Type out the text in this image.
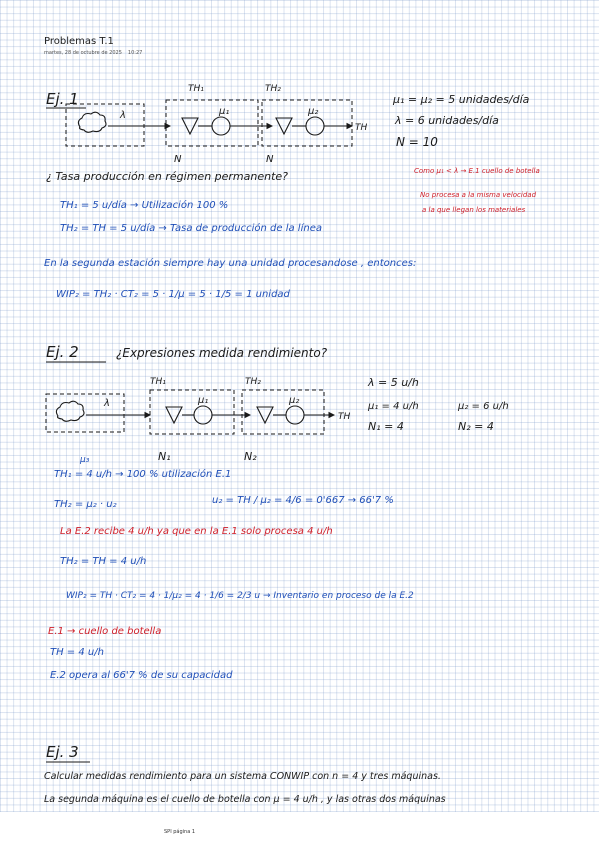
Problemas T.1
martes, 28 de octubre de 2025 10:27
Ej. 1
λ
TH₁
μ₁
TH₂
μ₂
TH
N	N
μ₁ = μ₂ = 5 unidades/día
λ = 6 unidades/día
N = 10
¿ Tasa producción en régimen permanente?	Como μ₁ < λ → E.1 cuello de botella
No procesa a la misma velocidad
a la que llegan los materiales
TH₁ = 5 u/día → Utilización 100 %
TH₂ = TH = 5 u/día → Tasa de producción de la línea
En la segunda estación siempre hay una unidad procesandose , entonces:
WIP₂ = TH₂ · CT₂ = 5 · 1/μ = 5 · 1/5 = 1 unidad
Ej. 2	¿Expresiones medida rendimiento?
λ
μ₃
TH₁
μ₁
TH₂
μ₂
TH
N₁	N₂
λ = 5 u/h
μ₁ = 4 u/h	μ₂ = 6 u/h
N₁ = 4	N₂ = 4
TH₁ = 4 u/h → 100 % utilización E.1
TH₂ = μ₂ · u₂	u₂ = TH / μ₂ = 4/6 = 0'667 → 66'7 %
La E.2 recibe 4 u/h ya que en la E.1 solo procesa 4 u/h
TH₂ = TH = 4 u/h
WIP₂ = TH · CT₂ = 4 · 1/μ₂ = 4 · 1/6 = 2/3 u → Inventario en proceso de la E.2
E.1 → cuello de botella
TH = 4 u/h
E.2 opera al 66'7 % de su capacidad
Ej. 3
Calcular medidas rendimiento para un sistema CONWIP con n = 4 y tres máquinas.
La segunda máquina es el cuello de botella con μ = 4 u/h , y las otras dos máquinas
SPI página 1
